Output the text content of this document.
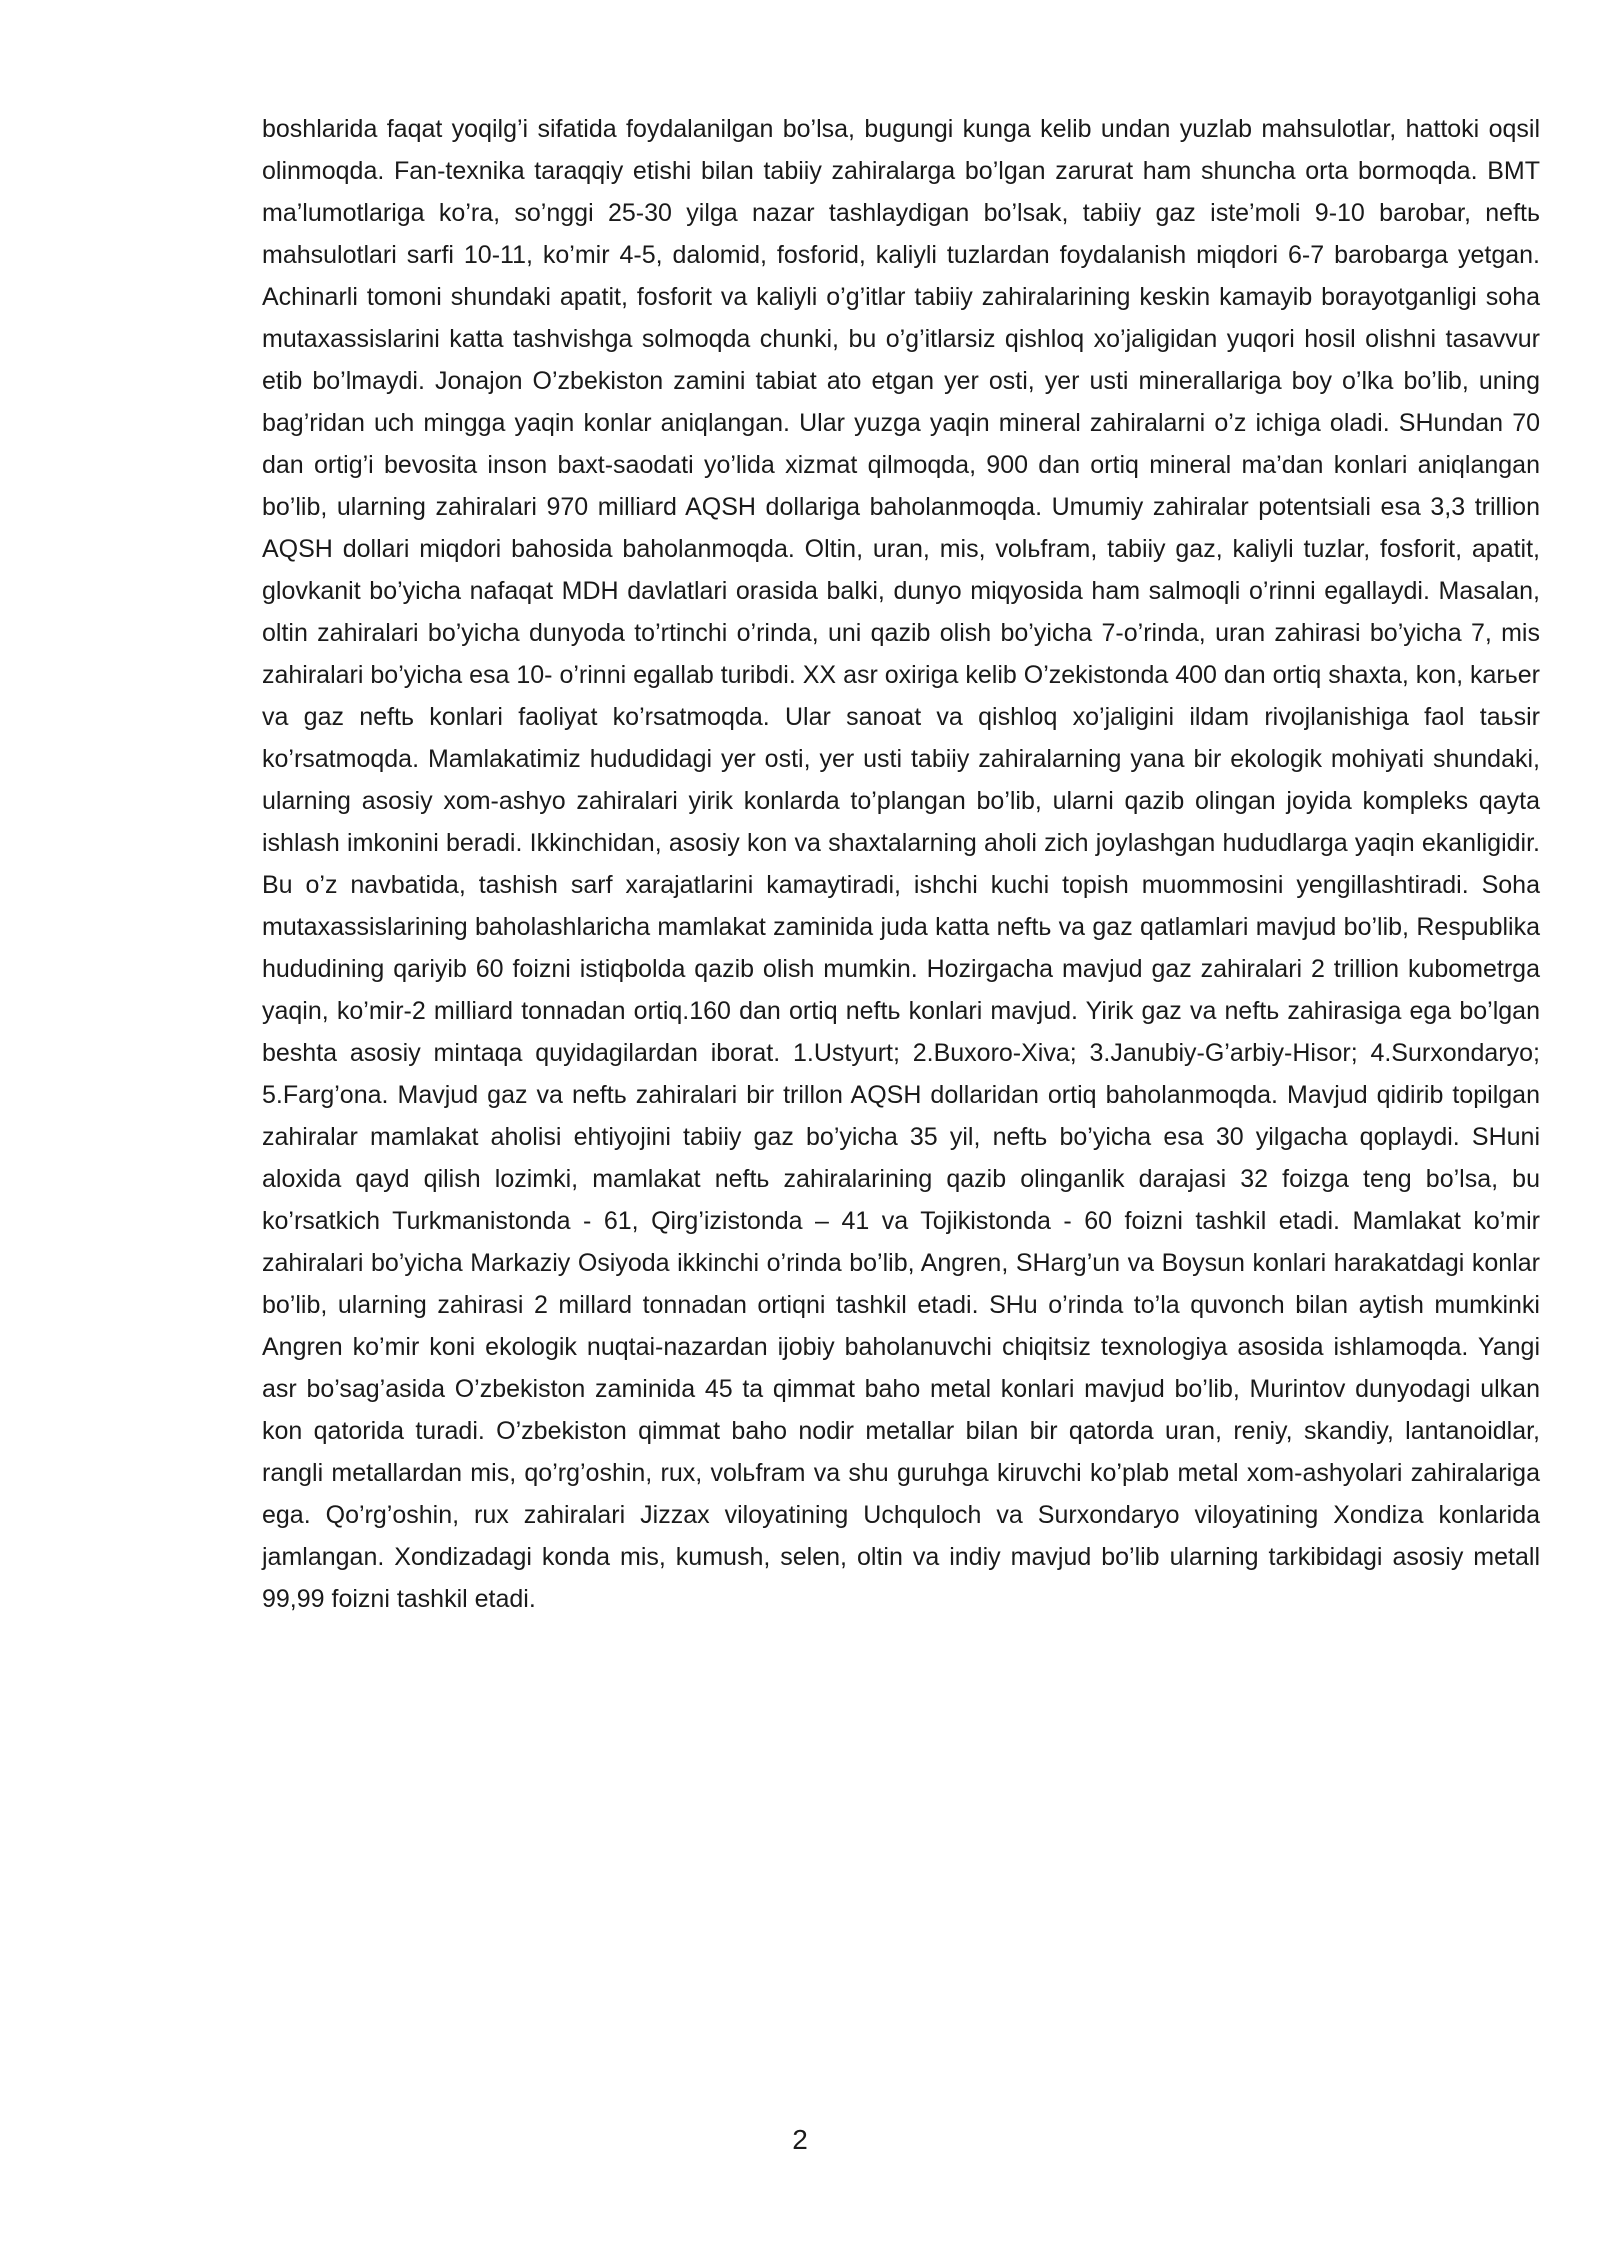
boshlarida faqat yoqilg’i sifatida foydalanilgan bo’lsa, bugungi kunga kelib undan yuzlab mahsulotlar, hattoki oqsil olinmoqda. Fan-texnika taraqqiy etishi bilan tabiiy zahiralarga bo’lgan zarurat ham shuncha orta bormoqda. BMT ma’lumotlariga ko’ra, so’nggi 25-30 yilga nazar tashlaydigan bo’lsak, tabiiy gaz iste’moli 9-10 barobar, neftь mahsulotlari sarfi 10-11, ko’mir 4-5, dalomid, fosforid, kaliyli tuzlardan foydalanish miqdori 6-7 barobarga yetgan. Achinarli tomoni shundaki apatit, fosforit va kaliyli o’g’itlar tabiiy zahiralarining keskin kamayib borayotganligi soha mutaxassislarini katta tashvishga solmoqda chunki, bu o’g’itlarsiz qishloq xo’jaligidan yuqori hosil olishni tasavvur etib bo’lmaydi. Jonajon O’zbekiston zamini tabiat ato etgan yer osti, yer usti minerallariga boy o’lka bo’lib, uning bag’ridan uch mingga yaqin konlar aniqlangan. Ular yuzga yaqin mineral zahiralarni o’z ichiga oladi. SHundan 70 dan ortig’i bevosita inson baxt-saodati yo’lida xizmat qilmoqda, 900 dan ortiq mineral ma’dan konlari aniqlangan bo’lib, ularning zahiralari 970 milliard AQSH dollariga baholanmoqda. Umumiy zahiralar potentsiali esa 3,3 trillion AQSH dollari miqdori bahosida baholanmoqda. Oltin, uran, mis, volьfram, tabiiy gaz, kaliyli tuzlar, fosforit, apatit, glovkanit bo’yicha nafaqat MDH davlatlari orasida balki, dunyo miqyosida ham salmoqli o’rinni egallaydi. Masalan, oltin zahiralari bo’yicha dunyoda to’rtinchi o’rinda, uni qazib olish bo’yicha 7-o’rinda, uran zahirasi bo’yicha 7, mis zahiralari bo’yicha esa 10- o’rinni egallab turibdi. XX asr oxiriga kelib O’zekistonda 400 dan ortiq shaxta, kon, karьer va gaz neftь konlari faoliyat ko’rsatmoqda. Ular sanoat va qishloq xo’jaligini ildam rivojlanishiga faol taьsir ko’rsatmoqda. Mamlakatimiz hududidagi yer osti, yer usti tabiiy zahiralarning yana bir ekologik mohiyati shundaki, ularning asosiy xom-ashyo zahiralari yirik konlarda to’plangan bo’lib, ularni qazib olingan joyida kompleks qayta ishlash imkonini beradi. Ikkinchidan, asosiy kon va shaxtalarning aholi zich joylashgan hududlarga yaqin ekanligidir. Bu o’z navbatida, tashish sarf xarajatlarini kamaytiradi, ishchi kuchi topish muommosini yengillashtiradi. Soha mutaxassislarining baholashlaricha mamlakat zaminida juda katta neftь va gaz qatlamlari mavjud bo’lib, Respublika hududining qariyib 60 foizni istiqbolda qazib olish mumkin. Hozirgacha mavjud gaz zahiralari 2 trillion kubometrga yaqin, ko’mir-2 milliard tonnadan ortiq.160 dan ortiq neftь konlari mavjud. Yirik gaz va neftь zahirasiga ega bo’lgan beshta asosiy mintaqa quyidagilardan iborat. 1.Ustyurt; 2.Buxoro-Xiva; 3.Janubiy-G’arbiy-Hisor; 4.Surxondaryo; 5.Farg’ona. Mavjud gaz va neftь zahiralari bir trillon AQSH dollaridan ortiq baholanmoqda. Mavjud qidirib topilgan zahiralar mamlakat aholisi ehtiyojini tabiiy gaz bo’yicha 35 yil, neftь bo’yicha esa 30 yilgacha qoplaydi. SHuni aloxida qayd qilish lozimki, mamlakat neftь zahiralarining qazib olinganlik darajasi 32 foizga teng bo’lsa, bu ko’rsatkich Turkmanistonda - 61, Qirg’izistonda – 41 va Tojikistonda - 60 foizni tashkil etadi. Mamlakat ko’mir zahiralari bo’yicha Markaziy Osiyoda ikkinchi o’rinda bo’lib, Angren, SHarg’un va Boysun konlari harakatdagi konlar bo’lib, ularning zahirasi 2 millard tonnadan ortiqni tashkil etadi. SHu o’rinda to’la quvonch bilan aytish mumkinki Angren ko’mir koni ekologik nuqtai-nazardan ijobiy baholanuvchi chiqitsiz texnologiya asosida ishlamoqda. Yangi asr bo’sag’asida O’zbekiston zaminida 45 ta qimmat baho metal konlari mavjud bo’lib, Murintov dunyodagi ulkan kon qatorida turadi. O’zbekiston qimmat baho nodir metallar bilan bir qatorda uran, reniy, skandiy, lantanoidlar, rangli metallardan mis, qo’rg’oshin, rux, volьfram va shu guruhga kiruvchi ko’plab metal xom-ashyolari zahiralariga ega. Qo’rg’oshin, rux zahiralari Jizzax viloyatining Uchquloch va Surxondaryo viloyatining Xondiza konlarida jamlangan. Xondizadagi konda mis, kumush, selen, oltin va indiy mavjud bo’lib ularning tarkibidagi asosiy metall 99,99 foizni tashkil etadi.

2
